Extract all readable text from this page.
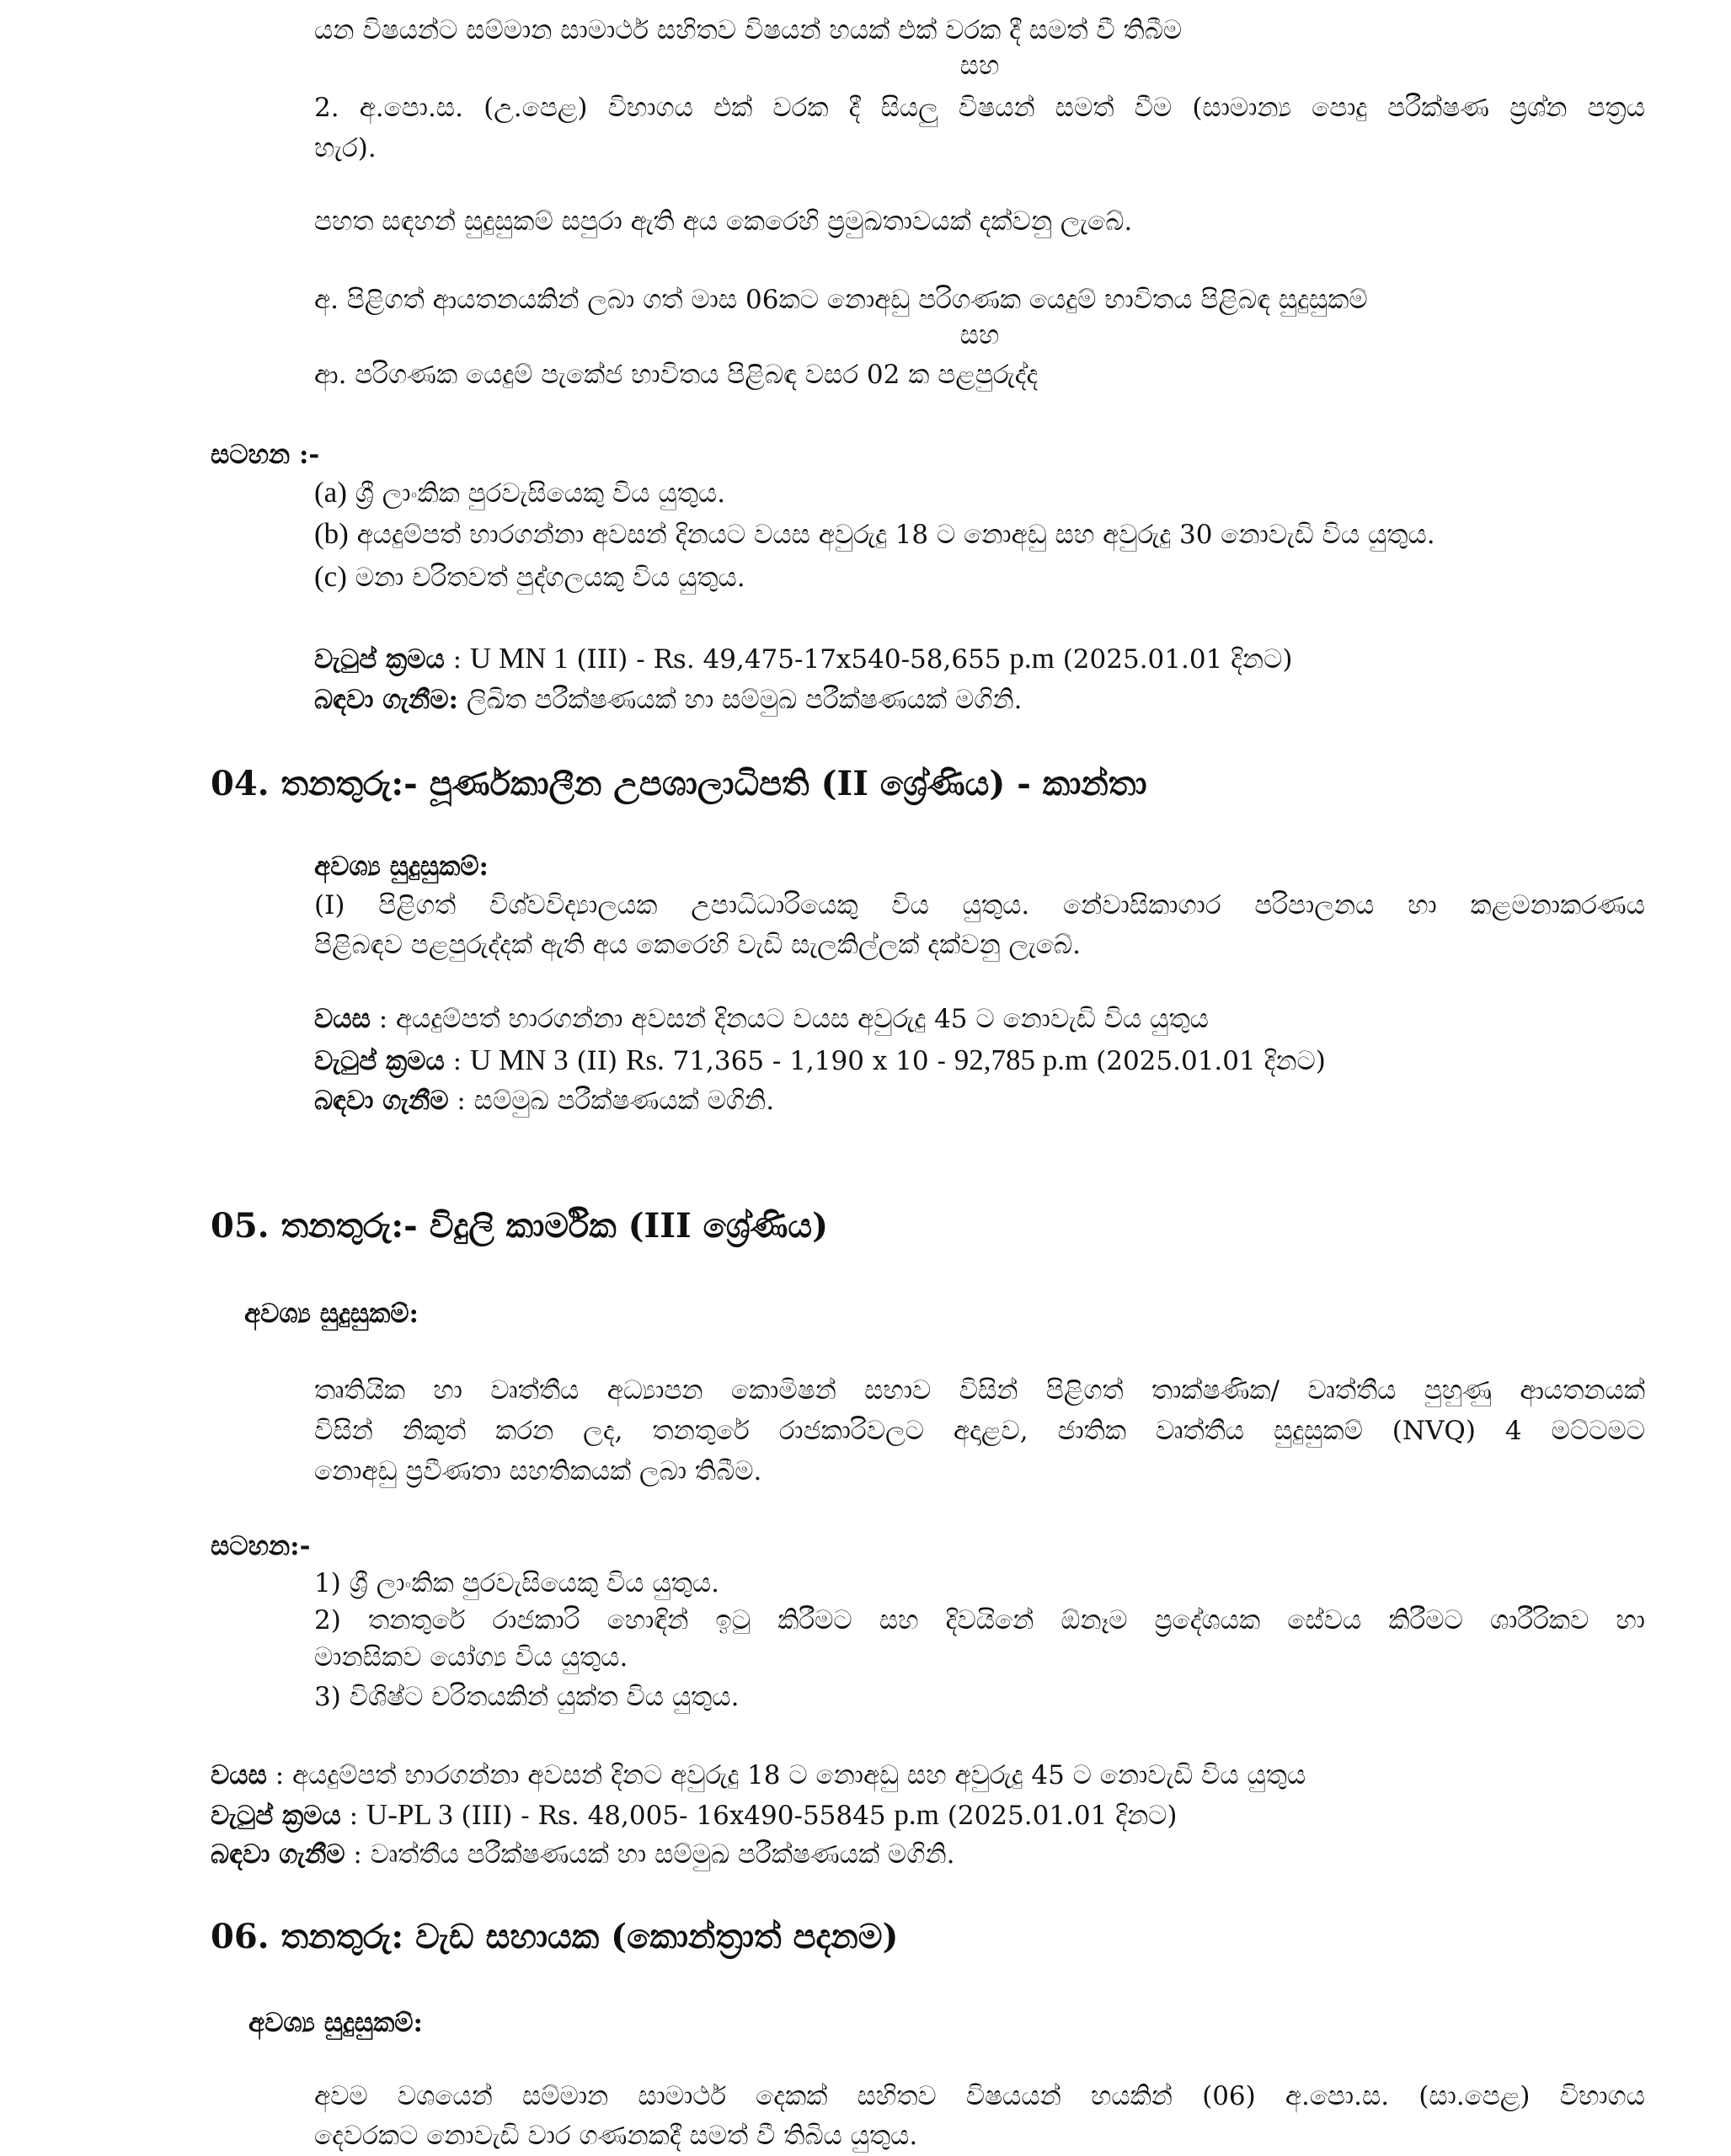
යන විෂයන්ට සම්මාන සාමාර්ථ සහිතව විෂයන් හයක් එක් වරක දී සමත් වී තිබීම
සහ
2. අ.පො.ස. (උ.පෙළ) විභාගය එක් වරක දී සියලු විෂයන් සමත් වීම (සාමාන්‍ය පොදු පරීක්ෂණ ප්‍රශ්න පත්‍රය
හැර).
පහත සඳහන් සුදුසුකම් සපුරා ඇති අය කෙරෙහි ප්‍රමුඛතාවයක් දක්වනු ලැබේ.
අ. පිළිගත් ආයතනයකින් ලබා ගත් මාස 06කට නොඅඩු පරිගණක යෙදුම් භාවිතය පිළිබඳ සුදුසුකම්
සහ
ආ. පරිගණක යෙදුම් පැකේජ භාවිතය පිළිබඳ වසර 02 ක පළපුරුද්ද
සටහන :-
(a) ශ්‍රී ලාංකික පුරවැසියෙකු විය යුතුය.
(b) අයදුම්පත් භාරගන්නා අවසන් දිනයට වයස අවුරුදු 18 ට නොඅඩු සහ අවුරුදු 30 නොවැඩි විය යුතුය.
(c) මනා චරිතවත් පුද්ගලයකු විය යුතුය.
වැටුප් ක්‍රමය : U MN 1 (III) - Rs. 49,475-17x540-58,655 p.m (2025.01.01 දිනට)
බඳවා ගැනීම: ලිඛිත පරීක්ෂණයක් හා සම්මුඛ පරීක්ෂණයක් මගිනි.
04. තනතුරු:- පූර්ණකාලීන උපශාලාධිපති (II ශ්‍රේණිය) - කාන්තා
අවශ්‍ය සුදුසුකම්:
(I) පිළිගත් විශ්වවිද්‍යාලයක උපාධිධාරියෙකු විය යුතුය. නේවාසිකාගාර පරිපාලනය හා කළමනාකරණය
පිළිබඳව පළපුරුද්දක් ඇති අය කෙරෙහි වැඩි සැලකිල්ලක් දක්වනු ලැබේ.
වයස : අයදුම්පත් භාරගන්නා අවසන් දිනයට වයස අවුරුදු 45 ට නොවැඩි විය යුතුය
වැටුප් ක්‍රමය : U MN 3 (II) Rs. 71,365 - 1,190 x 10 - 92,785 p.m (2025.01.01 දිනට)
බඳවා ගැනීම : සම්මුඛ පරීක්ෂණයක් මගිනි.
05. තනතුරු:- විදුලි කාර්මික (III ශ්‍රේණිය)
අවශ්‍ය සුදුසුකම්:
තෘතියික හා වෘත්තීය අධ්‍යාපන කොමිෂන් සභාව විසින් පිළිගත් තාක්ෂණික/ වෘත්තීය පුහුණු ආයතනයක්
විසින් නිකුත් කරන ලද, තනතුරේ රාජකාරිවලට අදාළව, ජාතික වෘත්තීය සුදුසුකම් (NVQ) 4 මට්ටමට
නොඅඩු ප්‍රවීණතා සහතිකයක් ලබා තිබීම.
සටහන:-
1) ශ්‍රී ලාංකික පුරවැසියෙකු විය යුතුය.
2) තනතුරේ රාජකාරි හොඳින් ඉටු කිරීමට සහ දිවයිනේ ඕනෑම ප්‍රදේශයක සේවය කිරීමට ශාරීරිකව හා
මානසිකව යෝග්‍ය විය යුතුය.
3) විශිෂ්ට චරිතයකින් යුක්ත විය යුතුය.
වයස : අයදුම්පත් භාරගන්නා අවසන් දිනට අවුරුදු 18 ට නොඅඩු සහ අවුරුදු 45 ට නොවැඩි විය යුතුය
වැටුප් ක්‍රමය : U-PL 3 (III) - Rs. 48,005- 16x490-55845 p.m (2025.01.01 දිනට)
බඳවා ගැනීම : වෘත්තීය පරීක්ෂණයක් හා සම්මුඛ පරීක්ෂණයක් මගිනි.
06. තනතුරු: වැඩ සහායක (කොන්ත්‍රාත් පදනම)
අවශ්‍ය සුදුසුකම්:
අවම වශයෙන් සම්මාන සාමාර්ථ දෙකක් සහිතව විෂයයන් හයකින් (06) අ.පො.ස. (සා.පෙළ) විභාගය
දෙවරකට නොවැඩි වාර ගණනකදී සමත් වී තිබිය යුතුය.
